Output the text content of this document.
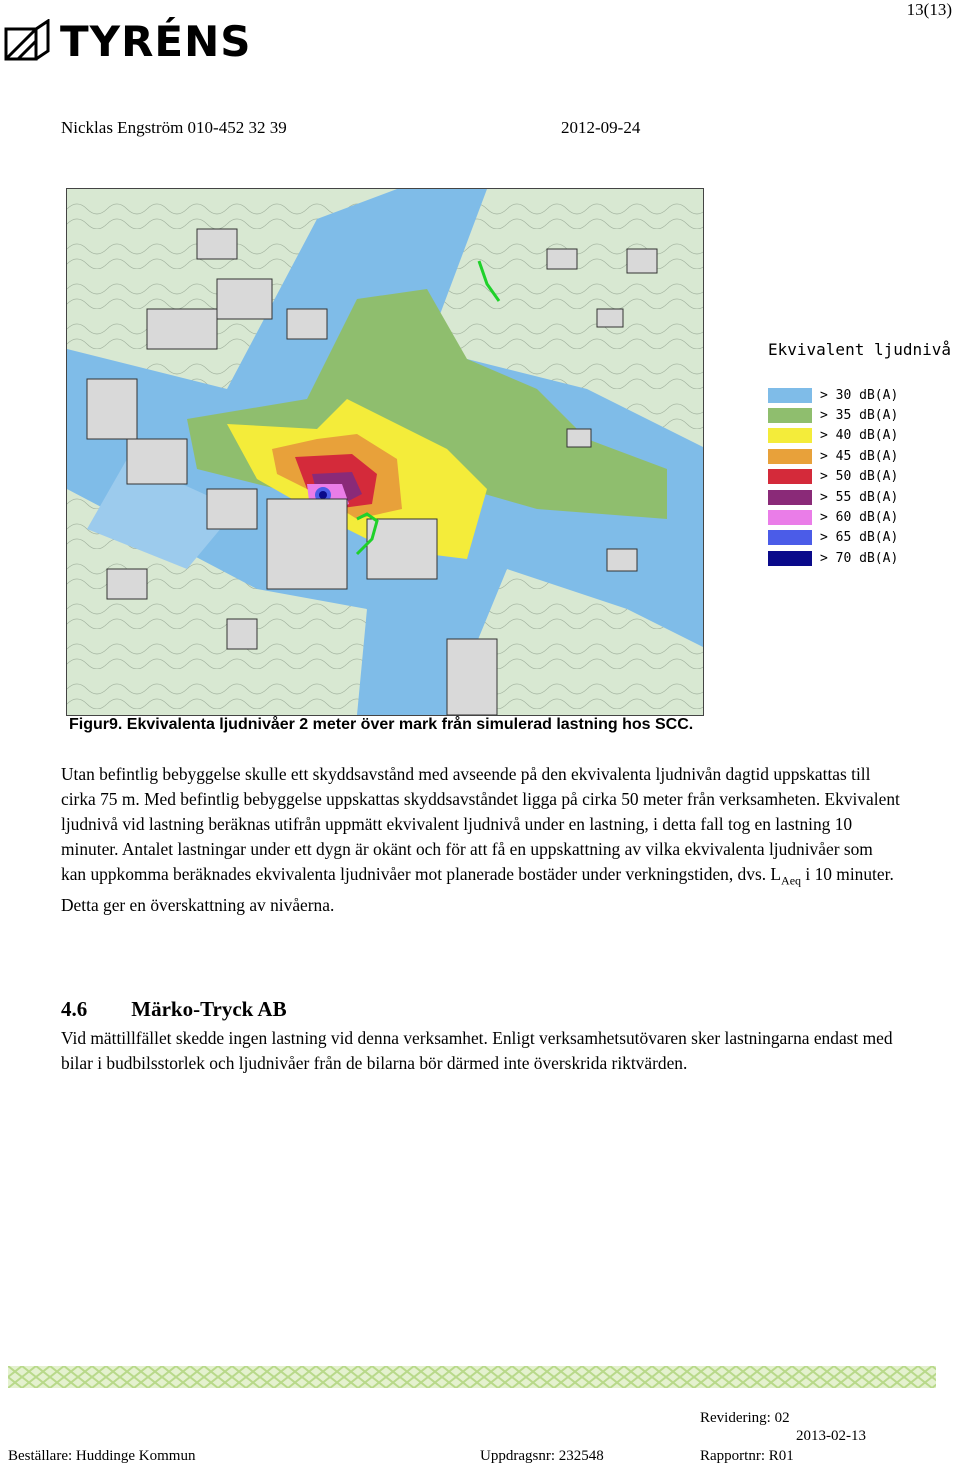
13(13)
TYRÉNS
Nicklas Engström 010-452 32 39	2012-09-24
Ekvivalent ljudnivå
> 30 dB(A)
> 35 dB(A)
> 40 dB(A)
> 45 dB(A)
> 50 dB(A)
> 55 dB(A)
> 60 dB(A)
> 65 dB(A)
> 70 dB(A)
Figur9. Ekvivalenta ljudnivåer 2 meter över mark från simulerad lastning hos SCC.
Utan befintlig bebyggelse skulle ett skyddsavstånd med avseende på den ekvivalenta ljudnivån dagtid uppskattas till cirka 75 m. Med befintlig bebyggelse uppskattas skyddsavståndet ligga på cirka 50 meter från verksamheten. Ekvivalent ljudnivå vid lastning beräknas utifrån uppmätt ekvivalent ljudnivå under en lastning, i detta fall tog en lastning 10 minuter. Antalet lastningar under ett dygn är okänt och för att få en uppskattning av vilka ekvivalenta ljudnivåer som kan uppkomma beräknades ekvivalenta ljudnivåer mot planerade bostäder under verkningstiden, dvs. $L_{Aeq}$ i 10 minuter. Detta ger en överskattning av nivåerna.
4.6 Märko-Tryck AB
Vid mättillfället skedde ingen lastning vid denna verksamhet. Enligt verksamhetsutövaren sker lastningarna endast med bilar i budbilsstorlek och ljudnivåer från de bilarna bör därmed inte överskrida riktvärden.
Revidering: 02
2013-02-13
Beställare: Huddinge Kommun	Uppdragsnr: 232548	Rapportnr: R01
